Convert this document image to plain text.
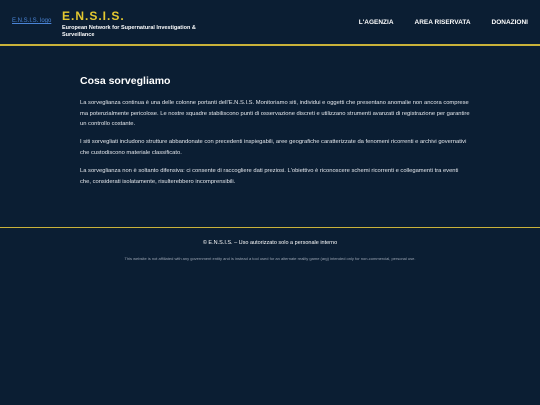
E.N.S.I.S. logo E.N.S.I.S.
European Network for Supernatural Investigation & Surveillance
L'AGENZIA	AREA RISERVATA	DONAZIONI
Cosa sorvegliamo

La sorveglianza continua è una delle colonne portanti dell'E.N.S.I.S. Monitoriamo siti, individui e oggetti che presentano anomalie non ancora comprese ma potenzialmente pericolose. Le nostre squadre stabiliscono punti di osservazione discreti e utilizzano strumenti avanzati di registrazione per garantire un controllo costante.

I siti sorvegliati includono strutture abbandonate con precedenti inspiegabili, aree geografiche caratterizzate da fenomeni ricorrenti e archivi governativi che custodiscono materiale classificato.

La sorveglianza non è soltanto difensiva: ci consente di raccogliere dati preziosi. L'obiettivo è riconoscere schemi ricorrenti e collegamenti tra eventi che, considerati isolatamente, risulterebbero incomprensibili.

© E.N.S.I.S. – Uso autorizzato solo a personale interno
This website is not affiliated with any government entity and is instead a tool used for an alternate reality game (arg) intended only for non-commercial, personal use.
